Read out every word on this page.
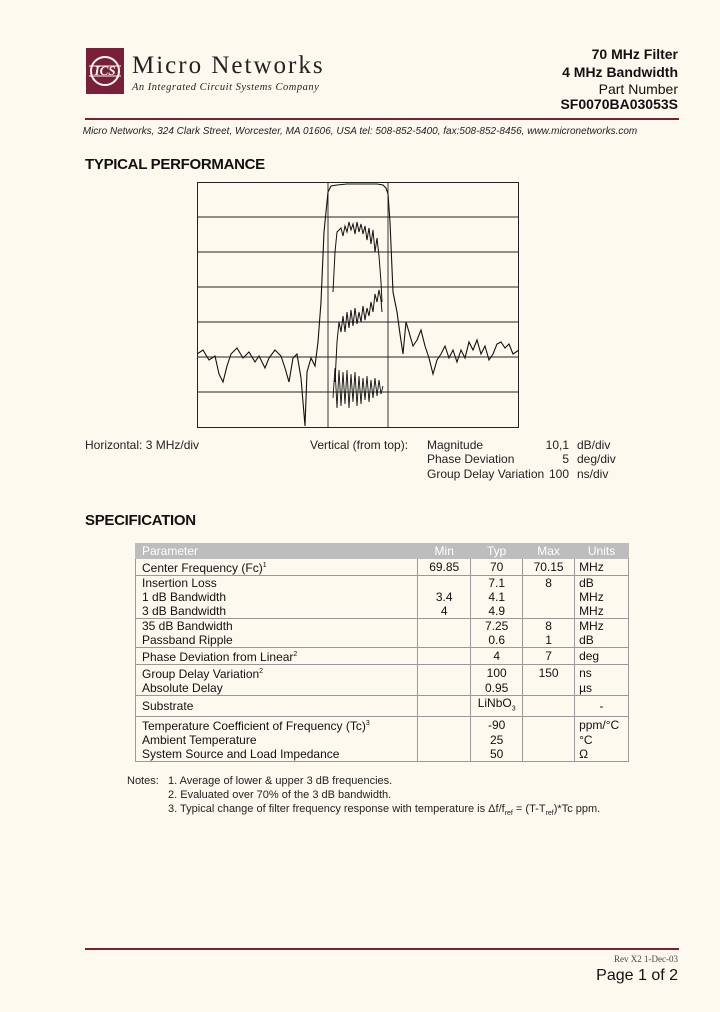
ICS Micro Networks
An Integrated Circuit Systems Company
70 MHz Filter
4 MHz Bandwidth
Part Number
SF0070BA03053S
Micro Networks, 324 Clark Street, Worcester, MA 01606, USA tel: 508-852-5400, fax:508-852-8456, www.micronetworks.com
TYPICAL PERFORMANCE
Horizontal: 3 MHz/div	Vertical (from top): Magnitude	10,1 dB/div
Phase Deviation	5 deg/div
Group Delay Variation 100 ns/div
SPECIFICATION
Parameter	Min	Typ	Max	Units
Center Frequency $(Fc)^1$	69.85	70	70.15	MHz
Insertion Loss		7.1	8	dB
1 dB Bandwidth	3.4	4.1		MHz
3 dB Bandwidth	4	4.9		MHz
35 dB Bandwidth		7.25	8	MHz
Passband Ripple		0.6	1	dB
Phase Deviation from Linear$^2$		4	7	deg
Group Delay Variation$^2$		100	150	ns
Absolute Delay		0.95		µs
Substrate		LiNbO$_3$		-
Temperature Coefficient of Frequency $(Tc)^3$		-90		ppm/°C
Ambient Temperature		25		°C
System Source and Load Impedance		50		Ω
Notes: 1. Average of lower & upper 3 dB frequencies.
2. Evaluated over 70% of the 3 dB bandwidth.
3. Typical change of filter frequency response with temperature is $\Delta f/f_{ref} = (T-T_{ref})*Tc$ ppm.
Rev X2 1-Dec-03
Page 1 of 2
